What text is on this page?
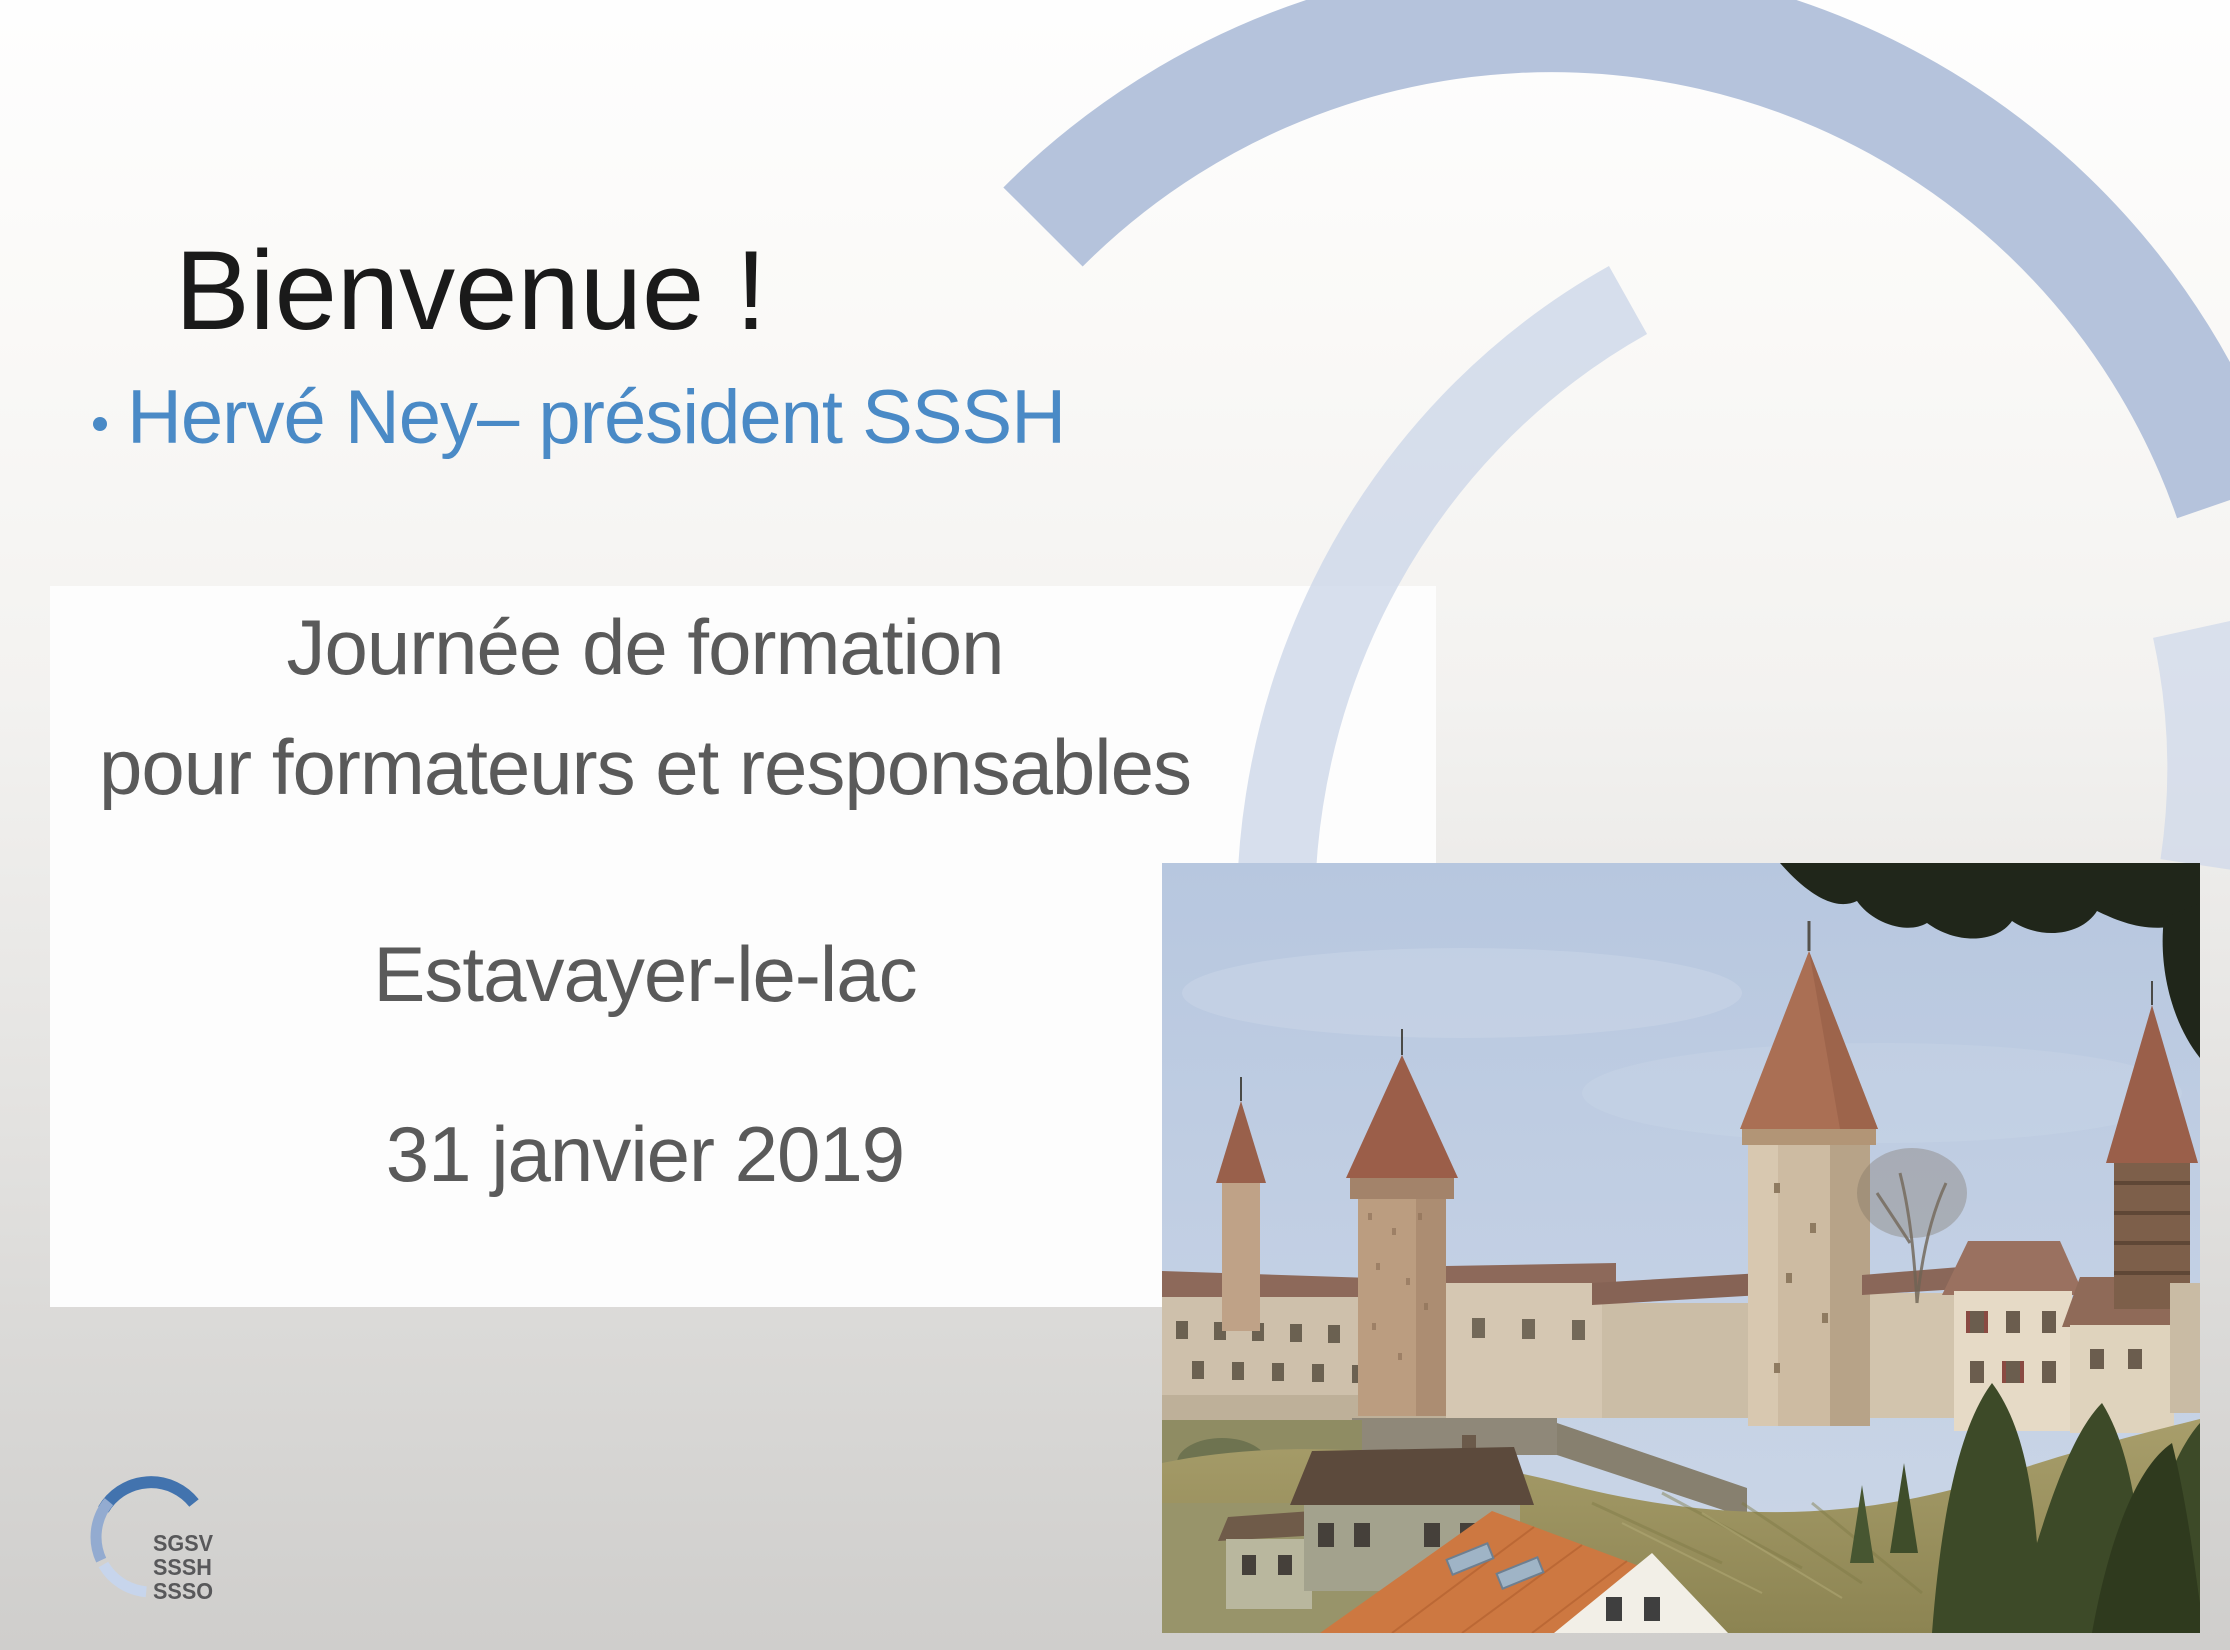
Bienvenue !
Hervé Ney– président SSSH
Journée de formation
pour formateurs et responsables
Estavayer-le-lac
31 janvier 2019
SGSV
SSSH
SSSO
